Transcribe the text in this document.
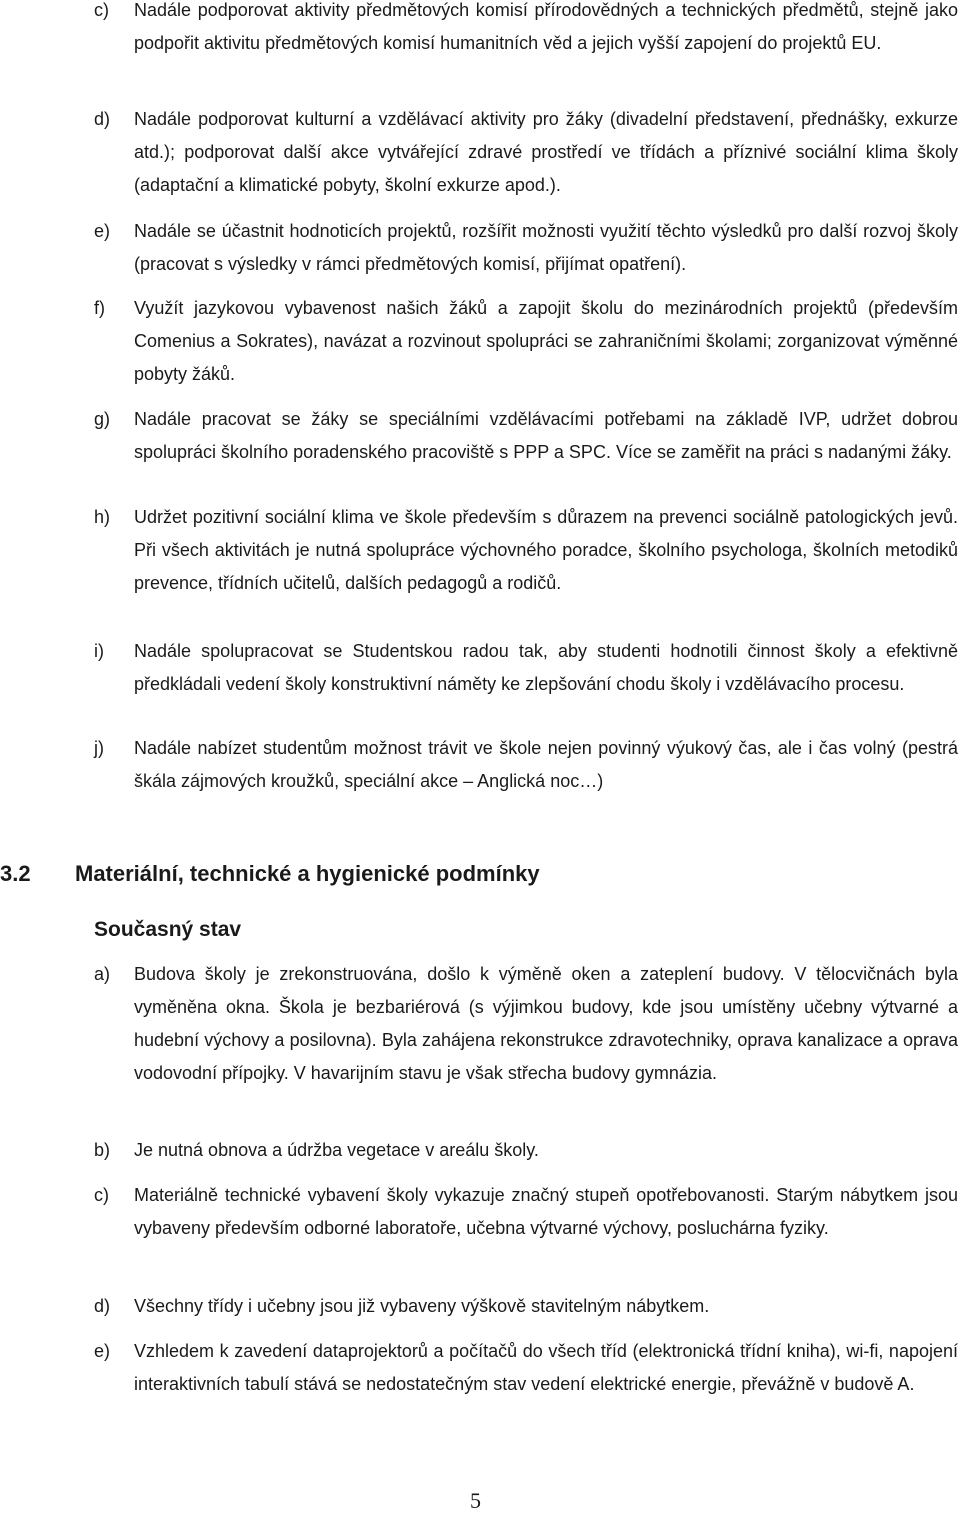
c)	Nadále podporovat aktivity předmětových komisí přírodovědných a technických předmětů, stejně jako podpořit aktivitu předmětových komisí humanitních věd a jejich vyšší zapojení do projektů EU.
d)	Nadále podporovat kulturní a vzdělávací aktivity pro žáky (divadelní představení, přednášky, exkurze atd.); podporovat další akce vytvářející zdravé prostředí ve třídách a příznivé sociální klima školy (adaptační a klimatické pobyty, školní exkurze apod.).
e)	Nadále se účastnit hodnoticích projektů, rozšířit možnosti využití těchto výsledků pro další rozvoj školy (pracovat s výsledky v rámci předmětových komisí, přijímat opatření).
f)	Využít jazykovou vybavenost našich žáků a zapojit školu do mezinárodních projektů (především Comenius a Sokrates), navázat a rozvinout spolupráci se zahraničními školami; zorganizovat výměnné pobyty žáků.
g)	Nadále pracovat se žáky se speciálními vzdělávacími potřebami na základě IVP, udržet dobrou spolupráci školního poradenského pracoviště s PPP a SPC. Více se zaměřit na práci s nadanými žáky.
h)	Udržet pozitivní sociální klima ve škole především s důrazem na prevenci sociálně patologických jevů. Při všech aktivitách je nutná spolupráce výchovného poradce, školního psychologa, školních metodiků prevence, třídních učitelů, dalších pedagogů a rodičů.
i)	Nadále spolupracovat se Studentskou radou tak, aby studenti hodnotili činnost školy a efektivně předkládali vedení školy konstruktivní náměty ke zlepšování chodu školy i vzdělávacího procesu.
j)	Nadále nabízet studentům možnost trávit ve škole nejen povinný výukový čas, ale i čas volný (pestrá škála zájmových kroužků, speciální akce – Anglická noc…)
3.2 Materiální, technické a hygienické podmínky
Současný stav
a)	Budova školy je zrekonstruována, došlo k výměně oken a zateplení budovy. V tělocvičnách byla vyměněna okna. Škola je bezbariérová (s výjimkou budovy, kde jsou umístěny učebny výtvarné a hudební výchovy a posilovna). Byla zahájena rekonstrukce zdravotechniky, oprava kanalizace a oprava vodovodní přípojky. V havarijním stavu je však střecha budovy gymnázia.
b)	Je nutná obnova a údržba vegetace v areálu školy.
c)	Materiálně technické vybavení školy vykazuje značný stupeň opotřebovanosti. Starým nábytkem jsou vybaveny především odborné laboratoře, učebna výtvarné výchovy, posluchárna fyziky.
d)	Všechny třídy i učebny jsou již vybaveny výškově stavitelným nábytkem.
e)	Vzhledem k zavedení dataprojektorů a počítačů do všech tříd (elektronická třídní kniha), wi-fi, napojení interaktivních tabulí stává se nedostatečným stav vedení elektrické energie, převážně v budově A.
5
